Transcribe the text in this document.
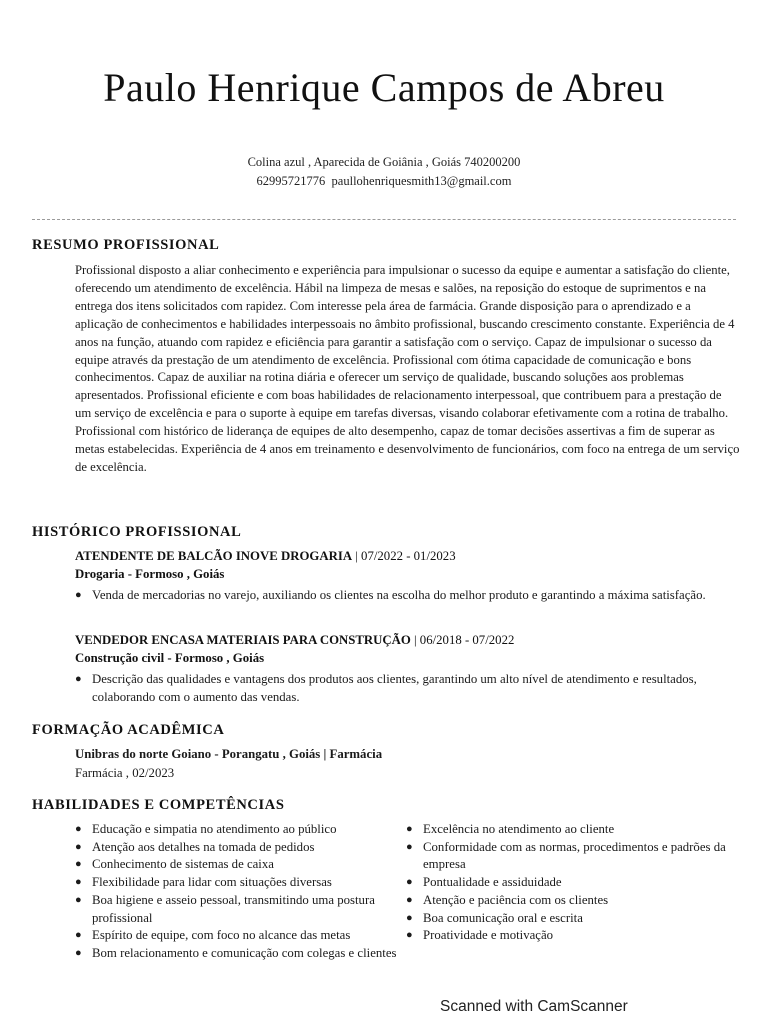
Paulo Henrique Campos de Abreu
Colina azul , Aparecida de Goiânia , Goiás 740200200
62995721776 paullohenriquesmith13@gmail.com
RESUMO PROFISSIONAL
Profissional disposto a aliar conhecimento e experiência para impulsionar o sucesso da equipe e aumentar a satisfação do cliente, oferecendo um atendimento de excelência. Hábil na limpeza de mesas e salões, na reposição do estoque de suprimentos e na entrega dos itens solicitados com rapidez. Com interesse pela área de farmácia. Grande disposição para o aprendizado e a aplicação de conhecimentos e habilidades interpessoais no âmbito profissional, buscando crescimento constante. Experiência de 4 anos na função, atuando com rapidez e eficiência para garantir a satisfação com o serviço. Capaz de impulsionar o sucesso da equipe através da prestação de um atendimento de excelência. Profissional com ótima capacidade de comunicação e bons conhecimentos. Capaz de auxiliar na rotina diária e oferecer um serviço de qualidade, buscando soluções aos problemas apresentados. Profissional eficiente e com boas habilidades de relacionamento interpessoal, que contribuem para a prestação de um serviço de excelência e para o suporte à equipe em tarefas diversas, visando colaborar efetivamente com a rotina de trabalho. Profissional com histórico de liderança de equipes de alto desempenho, capaz de tomar decisões assertivas a fim de superar as metas estabelecidas. Experiência de 4 anos em treinamento e desenvolvimento de funcionários, com foco na entrega de um serviço de excelência.
HISTÓRICO PROFISSIONAL
ATENDENTE DE BALCÃO INOVE DROGARIA | 07/2022 - 01/2023
Drogaria - Formoso , Goiás
● Venda de mercadorias no varejo, auxiliando os clientes na escolha do melhor produto e garantindo a máxima satisfação.
VENDEDOR ENCASA MATERIAIS PARA CONSTRUÇÃO | 06/2018 - 07/2022
Construção civil - Formoso , Goiás
● Descrição das qualidades e vantagens dos produtos aos clientes, garantindo um alto nível de atendimento e resultados, colaborando com o aumento das vendas.
FORMAÇÃO ACADÊMICA
Unibras do norte Goiano - Porangatu , Goiás | Farmácia
Farmácia , 02/2023
HABILIDADES E COMPETÊNCIAS
● Educação e simpatia no atendimento ao público
● Atenção aos detalhes na tomada de pedidos
● Conhecimento de sistemas de caixa
● Flexibilidade para lidar com situações diversas
● Boa higiene e asseio pessoal, transmitindo uma postura profissional
● Espírito de equipe, com foco no alcance das metas
● Bom relacionamento e comunicação com colegas e clientes
● Excelência no atendimento ao cliente
● Conformidade com as normas, procedimentos e padrões da empresa
● Pontualidade e assiduidade
● Atenção e paciência com os clientes
● Boa comunicação oral e escrita
● Proatividade e motivação
Scanned with CamScanner
